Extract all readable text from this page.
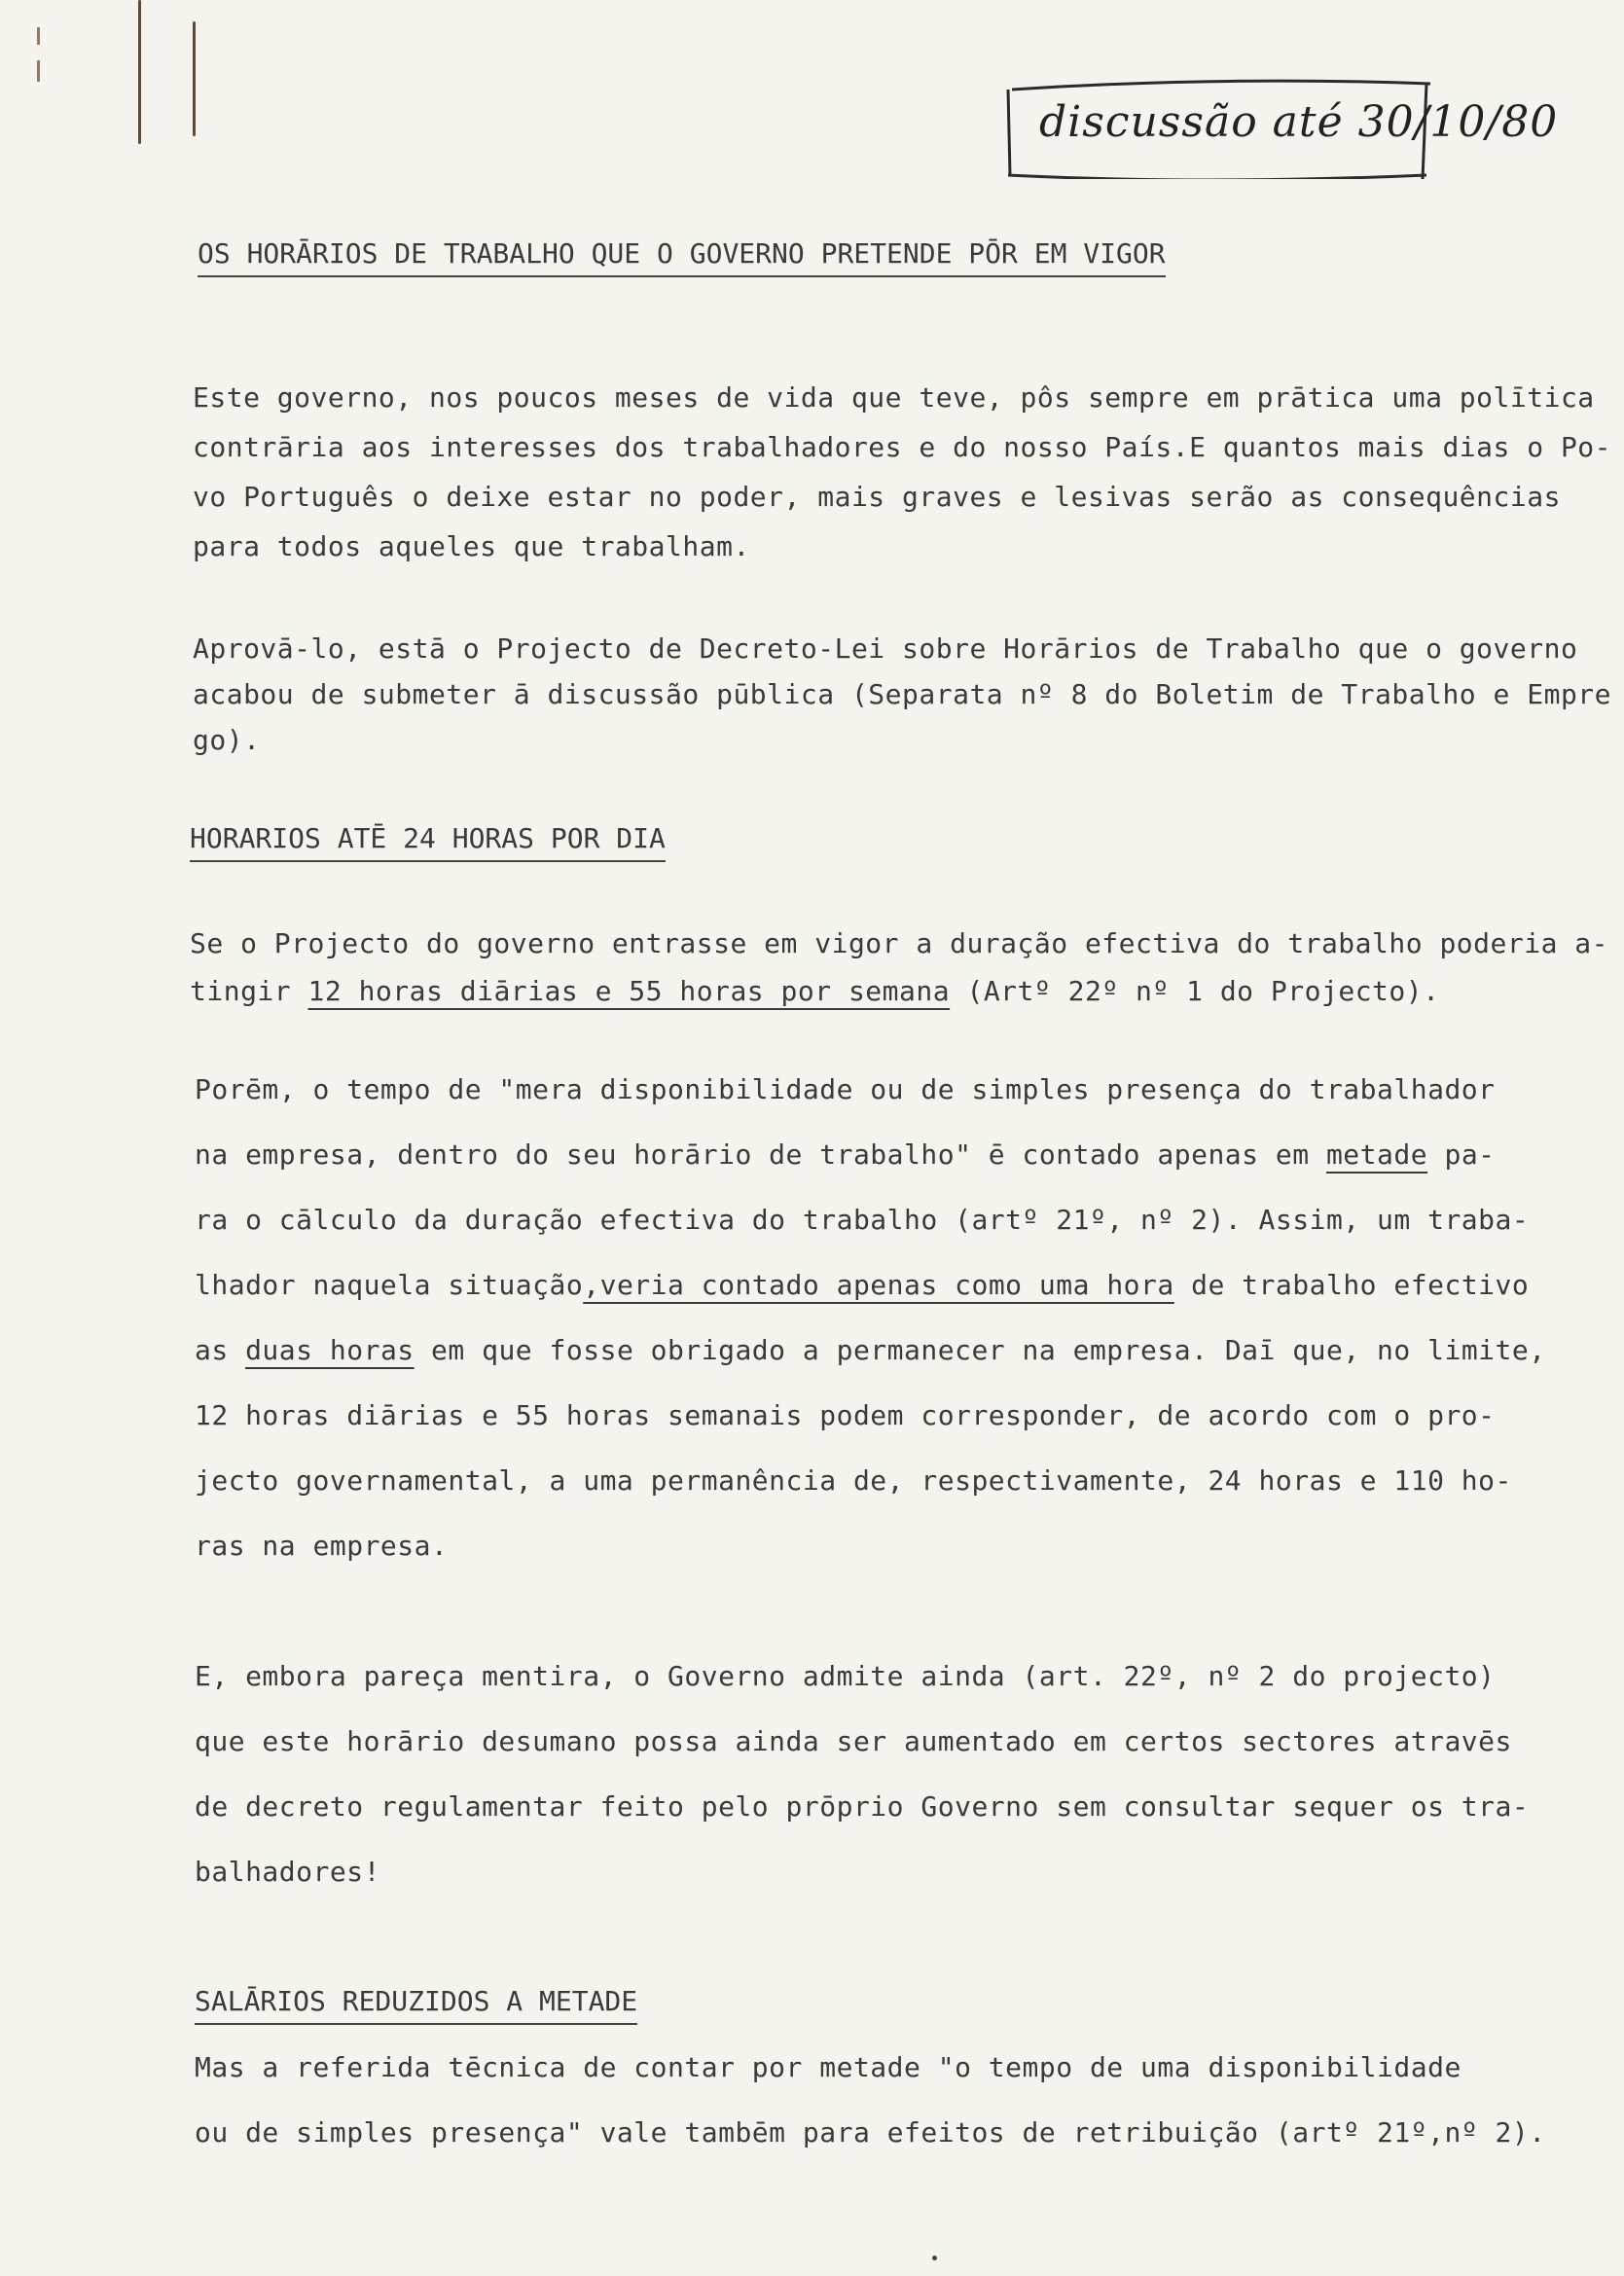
discussão até 30/10/80
OS HORĀRIOS DE TRABALHO QUE O GOVERNO PRETENDE PŌR EM VIGOR
Este governo, nos poucos meses de vida que teve, pôs sempre em prātica uma polītica
contrāria aos interesses dos trabalhadores e do nosso País.E quantos mais dias o Po-
vo Português o deixe estar no poder, mais graves e lesivas serão as consequências
para todos aqueles que trabalham.
Aprovā-lo, estā o Projecto de Decreto-Lei sobre Horārios de Trabalho que o governo
acabou de submeter ā discussão pūblica (Separata nº 8 do Boletim de Trabalho e Empre
go).
HORARIOS ATĒ 24 HORAS POR DIA
Se o Projecto do governo entrasse em vigor a duração efectiva do trabalho poderia a-
tingir 12 horas diārias e 55 horas por semana (Artº 22º nº 1 do Projecto).
Porēm, o tempo de "mera disponibilidade ou de simples presença do trabalhador
na empresa, dentro do seu horārio de trabalho" ē contado apenas em metade pa-
ra o cālculo da duração efectiva do trabalho (artº 21º, nº 2). Assim, um traba-
lhador naquela situação,veria contado apenas como uma hora de trabalho efectivo
as duas horas em que fosse obrigado a permanecer na empresa. Daī que, no limite,
12 horas diārias e 55 horas semanais podem corresponder, de acordo com o pro-
jecto governamental, a uma permanência de, respectivamente, 24 horas e 110 ho-
ras na empresa.
E, embora pareça mentira, o Governo admite ainda (art. 22º, nº 2 do projecto)
que este horārio desumano possa ainda ser aumentado em certos sectores atravēs
de decreto regulamentar feito pelo prōprio Governo sem consultar sequer os tra-
balhadores!
SALĀRIOS REDUZIDOS A METADE
Mas a referida tēcnica de contar por metade "o tempo de uma disponibilidade
ou de simples presença" vale tambēm para efeitos de retribuição (artº 21º,nº 2).
